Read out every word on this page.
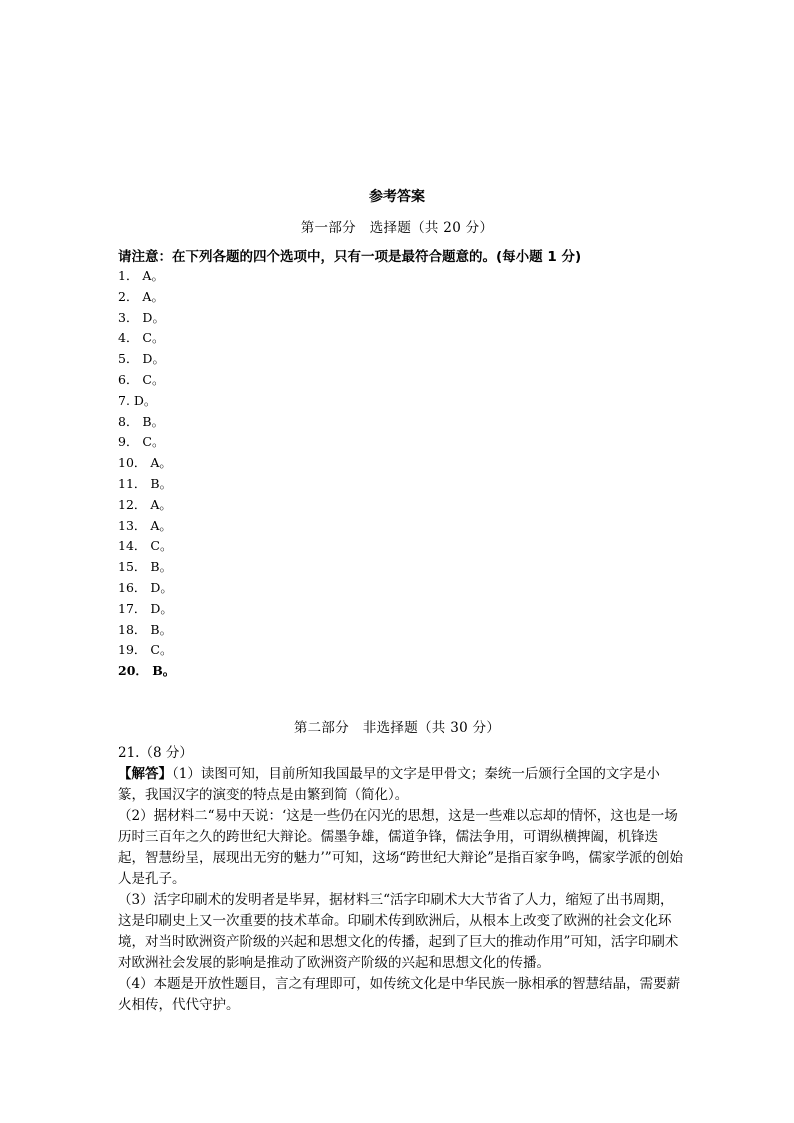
参考答案
第一部分　选择题（共 20 分）
请注意：在下列各题的四个选项中，只有一项是最符合题意的。(每小题 1 分)
1． A。
2． A。
3． D。
4． C。
5． D。
6． C。
7. D。
8． B。
9． C。
10． A。
11． B。
12． A。
13． A。
14． C。
15． B。
16． D。
17． D。
18． B。
19． C。
20． B。
第二部分　非选择题（共 30 分）

21.（8 分）

【解答】（1）读图可知，目前所知我国最早的文字是甲骨文；秦统一后颁行全国的文字是小篆，我国汉字的演变的特点是由繁到简（简化）。

（2）据材料二“易中天说：‘这是一些仍在闪光的思想，这是一些难以忘却的情怀，这也是一场历时三百年之久的跨世纪大辩论。儒墨争雄，儒道争锋，儒法争用，可谓纵横捭阖，机锋迭起，智慧纷呈，展现出无穷的魅力’”可知，这场“跨世纪大辩论”是指百家争鸣，儒家学派的创始人是孔子。

（3）活字印刷术的发明者是毕昇，据材料三“活字印刷术大大节省了人力，缩短了出书周期，这是印刷史上又一次重要的技术革命。印刷术传到欧洲后，从根本上改变了欧洲的社会文化环境，对当时欧洲资产阶级的兴起和思想文化的传播，起到了巨大的推动作用”可知，活字印刷术对欧洲社会发展的影响是推动了欧洲资产阶级的兴起和思想文化的传播。

（4）本题是开放性题目，言之有理即可，如传统文化是中华民族一脉相承的智慧结晶，需要薪火相传，代代守护。
